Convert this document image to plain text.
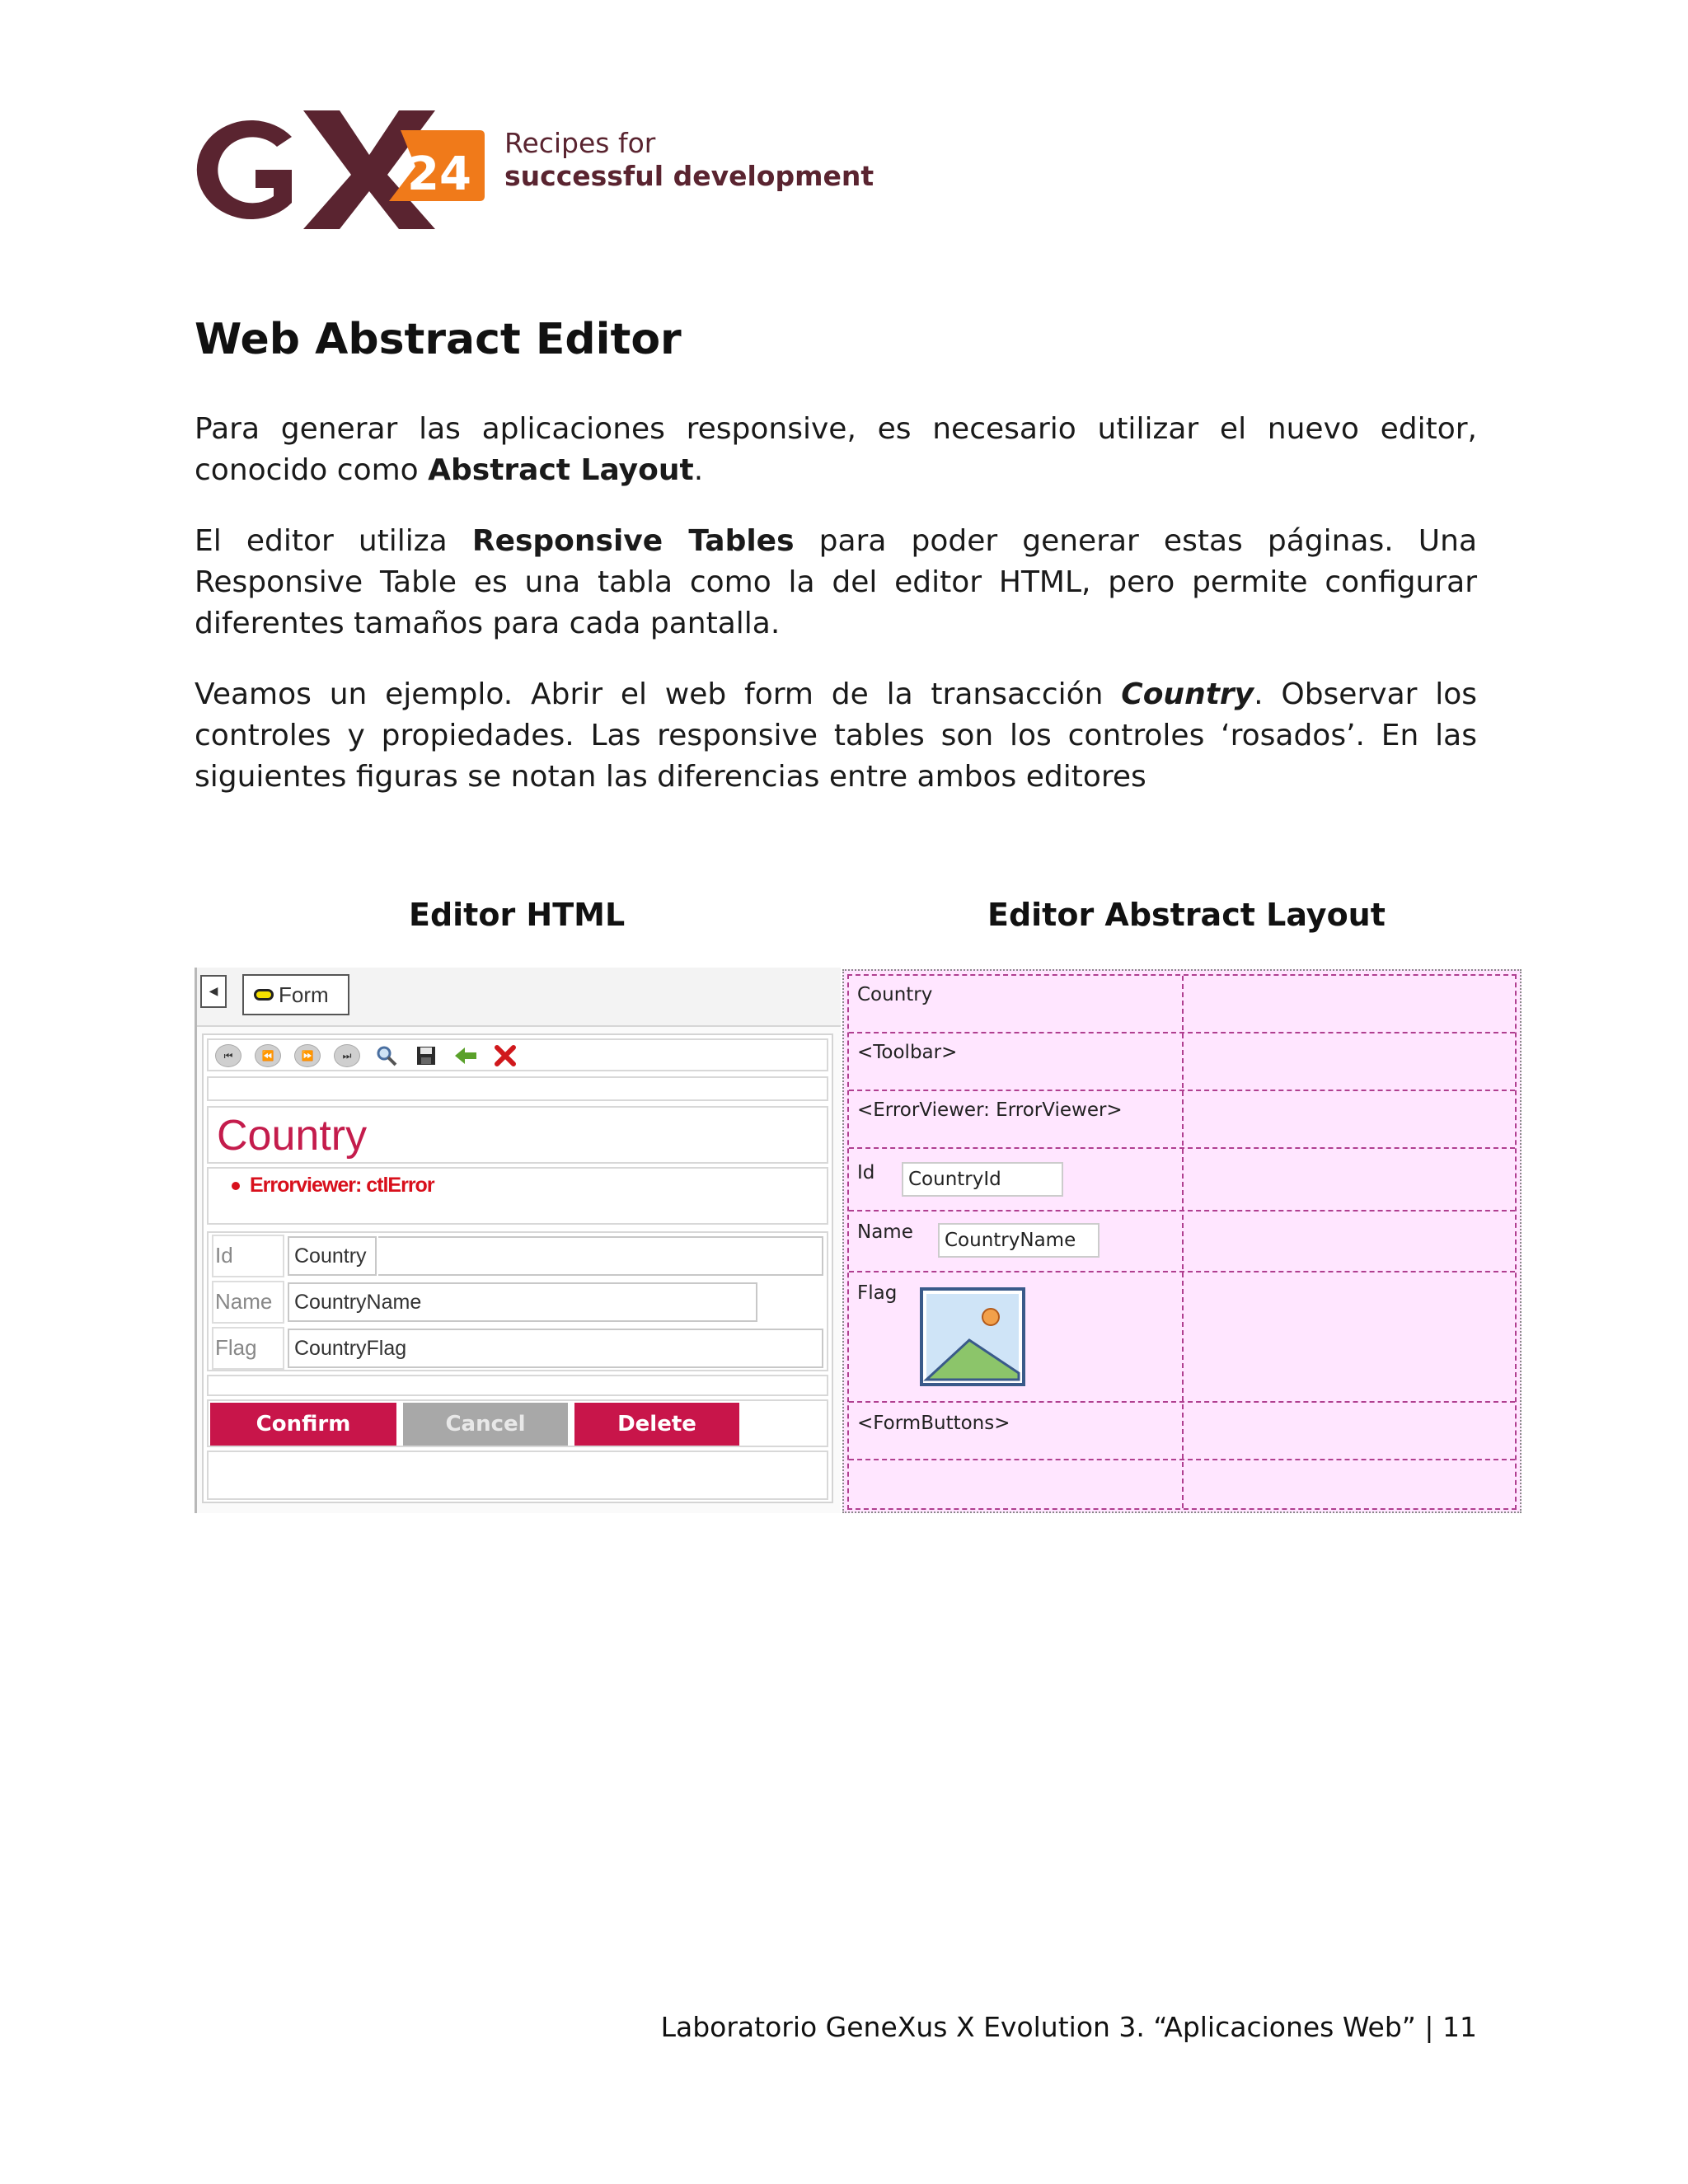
24
Recipes for
successful development
Web Abstract Editor
Para generar las aplicaciones responsive, es necesario utilizar el nuevo editor, conocido como Abstract Layout.
El editor utiliza Responsive Tables para poder generar estas páginas. Una Responsive Table es una tabla como la del editor HTML, pero permite configurar diferentes tamaños para cada pantalla.
Veamos un ejemplo. Abrir el web form de la transacción Country. Observar los controles y propiedades. Las responsive tables son los controles ‘rosados’. En las siguientes figuras se notan las diferencias entre ambos editores
Editor HTML	Editor Abstract Layout
◀	Form
⏮	⏪	⏩	⏭
Country
Errorviewer: ctlError
Id	Country
Name	CountryName
Flag	CountryFlag
Confirm	Cancel	Delete
Country
<Toolbar>
<ErrorViewer: ErrorViewer>
Id	CountryId
Name	CountryName
Flag
<FormButtons>
Laboratorio GeneXus X Evolution 3. “Aplicaciones Web” | 11
